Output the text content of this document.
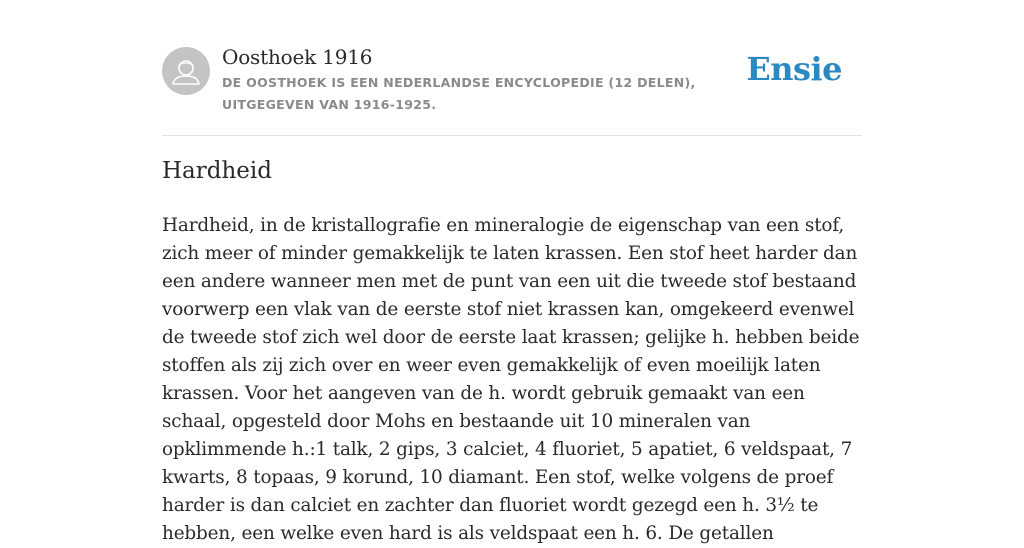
Oosthoek 1916
DE OOSTHOEK IS EEN NEDERLANDSE ENCYCLOPEDIE (12 DELEN), UITGEGEVEN VAN 1916-1925.
Ensie
Hardheid

Hardheid, in de kristallografie en mineralogie de eigenschap van een stof, zich meer of minder gemakkelijk te laten krassen. Een stof heet harder dan een andere wanneer men met de punt van een uit die tweede stof bestaand voorwerp een vlak van de eerste stof niet krassen kan, omgekeerd evenwel de tweede stof zich wel door de eerste laat krassen; gelijke h. hebben beide stoffen als zij zich over en weer even gemakkelijk of even moeilijk laten krassen. Voor het aangeven van de h. wordt gebruik gemaakt van een schaal, opgesteld door Mohs en bestaande uit 10 mineralen van opklimmende h.:1 talk, 2 gips, 3 calciet, 4 fluoriet, 5 apatiet, 6 veldspaat, 7 kwarts, 8 topaas, 9 korund, 10 diamant. Een stof, welke volgens de proef harder is dan calciet en zachter dan fluoriet wordt gezegd een h. 3½ te hebben, een welke even hard is als veldspaat een h. 6. De getallen
